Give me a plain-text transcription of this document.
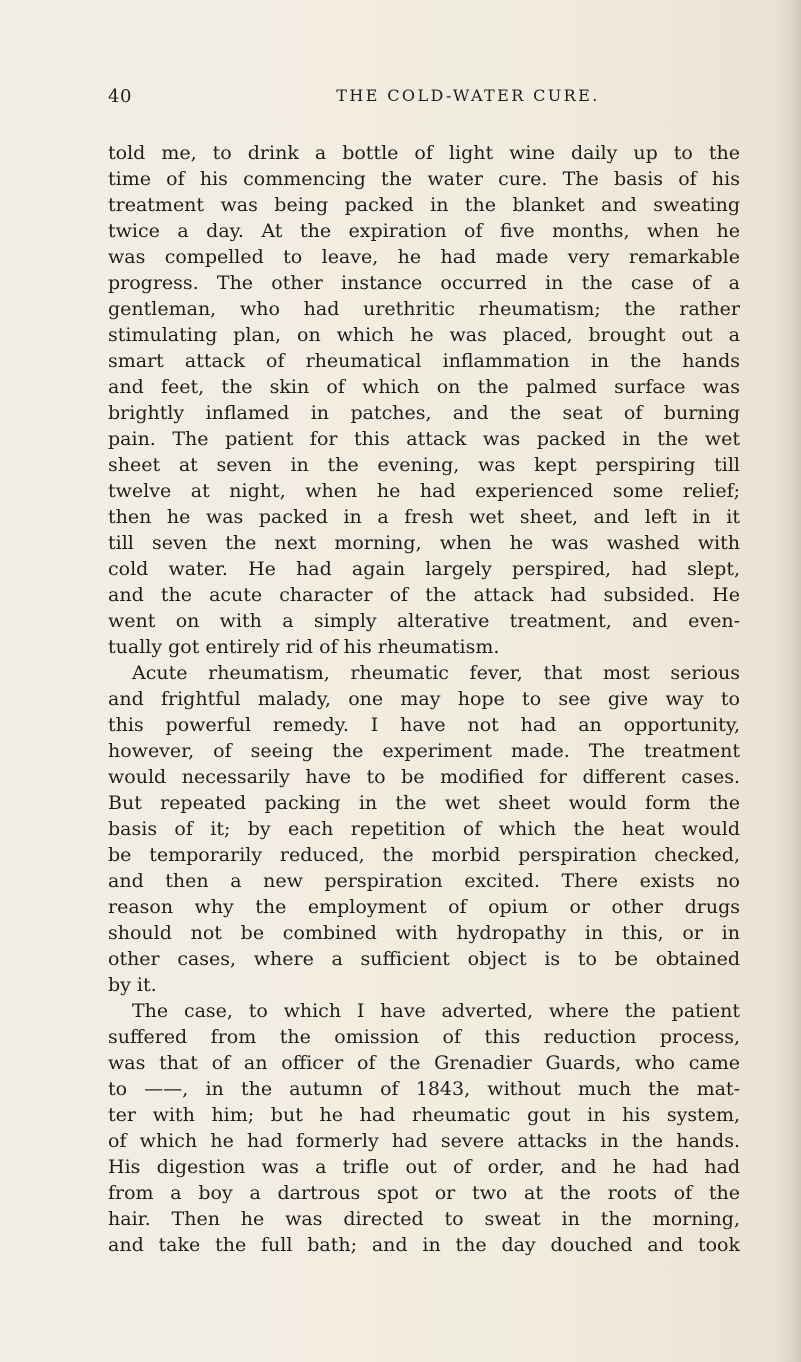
40	THE COLD-WATER CURE.
told me, to drink a bottle of light wine daily up to the
time of his commencing the water cure. The basis of his
treatment was being packed in the blanket and sweating
twice a day. At the expiration of five months, when he
was compelled to leave, he had made very remarkable
progress. The other instance occurred in the case of a
gentleman, who had urethritic rheumatism; the rather
stimulating plan, on which he was placed, brought out a
smart attack of rheumatical inflammation in the hands
and feet, the skin of which on the palmed surface was
brightly inflamed in patches, and the seat of burning
pain. The patient for this attack was packed in the wet
sheet at seven in the evening, was kept perspiring till
twelve at night, when he had experienced some relief;
then he was packed in a fresh wet sheet, and left in it
till seven the next morning, when he was washed with
cold water. He had again largely perspired, had slept,
and the acute character of the attack had subsided. He
went on with a simply alterative treatment, and even-
tually got entirely rid of his rheumatism.
Acute rheumatism, rheumatic fever, that most serious
and frightful malady, one may hope to see give way to
this powerful remedy. I have not had an opportunity,
however, of seeing the experiment made. The treatment
would necessarily have to be modified for different cases.
But repeated packing in the wet sheet would form the
basis of it; by each repetition of which the heat would
be temporarily reduced, the morbid perspiration checked,
and then a new perspiration excited. There exists no
reason why the employment of opium or other drugs
should not be combined with hydropathy in this, or in
other cases, where a sufficient object is to be obtained
by it.
The case, to which I have adverted, where the patient
suffered from the omission of this reduction process,
was that of an officer of the Grenadier Guards, who came
to ——, in the autumn of 1843, without much the mat-
ter with him; but he had rheumatic gout in his system,
of which he had formerly had severe attacks in the hands.
His digestion was a trifle out of order, and he had had
from a boy a dartrous spot or two at the roots of the
hair. Then he was directed to sweat in the morning,
and take the full bath; and in the day douched and took
